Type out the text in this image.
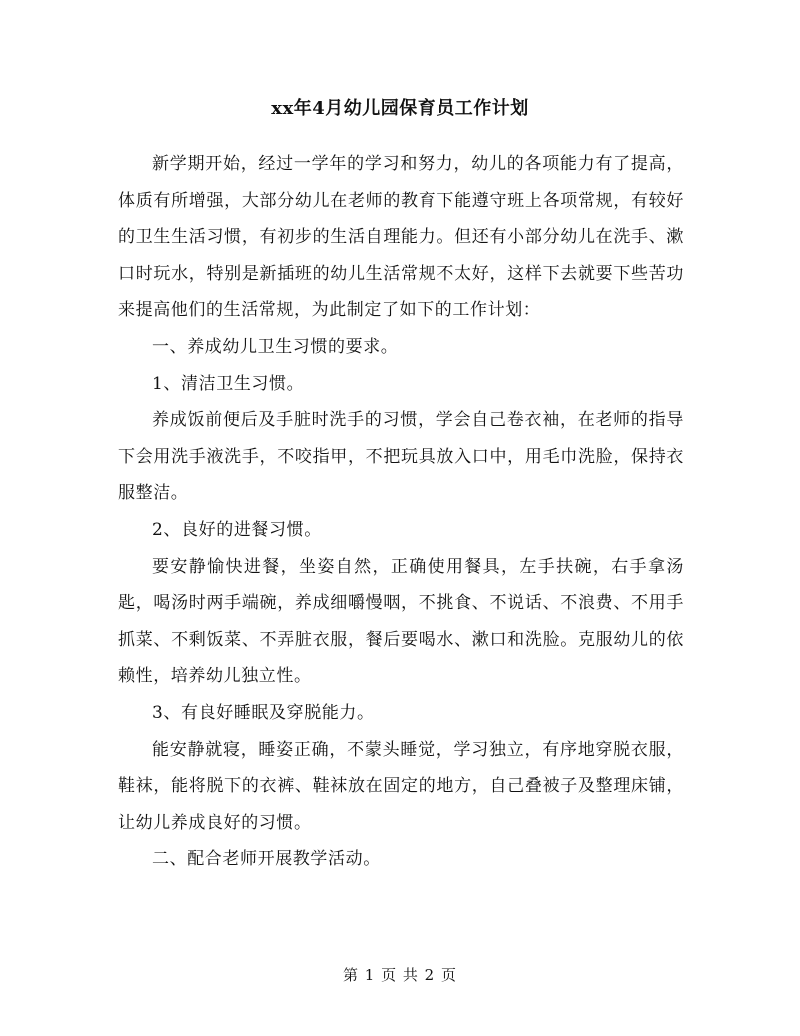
xx年4月幼儿园保育员工作计划

新学期开始，经过一学年的学习和努力，幼儿的各项能力有了提高，体质有所增强，大部分幼儿在老师的教育下能遵守班上各项常规，有较好的卫生生活习惯，有初步的生活自理能力。但还有小部分幼儿在洗手、漱口时玩水，特别是新插班的幼儿生活常规不太好，这样下去就要下些苦功来提高他们的生活常规，为此制定了如下的工作计划：

一、养成幼儿卫生习惯的要求。

1、清洁卫生习惯。

养成饭前便后及手脏时洗手的习惯，学会自己卷衣袖，在老师的指导下会用洗手液洗手，不咬指甲，不把玩具放入口中，用毛巾洗脸，保持衣服整洁。

2、良好的进餐习惯。

要安静愉快进餐，坐姿自然，正确使用餐具，左手扶碗，右手拿汤匙，喝汤时两手端碗，养成细嚼慢咽，不挑食、不说话、不浪费、不用手抓菜、不剩饭菜、不弄脏衣服，餐后要喝水、漱口和洗脸。克服幼儿的依赖性，培养幼儿独立性。

3、有良好睡眠及穿脱能力。

能安静就寝，睡姿正确，不蒙头睡觉，学习独立，有序地穿脱衣服，鞋袜，能将脱下的衣裤、鞋袜放在固定的地方，自己叠被子及整理床铺，让幼儿养成良好的习惯。

二、配合老师开展教学活动。

第 1 页 共 2 页
